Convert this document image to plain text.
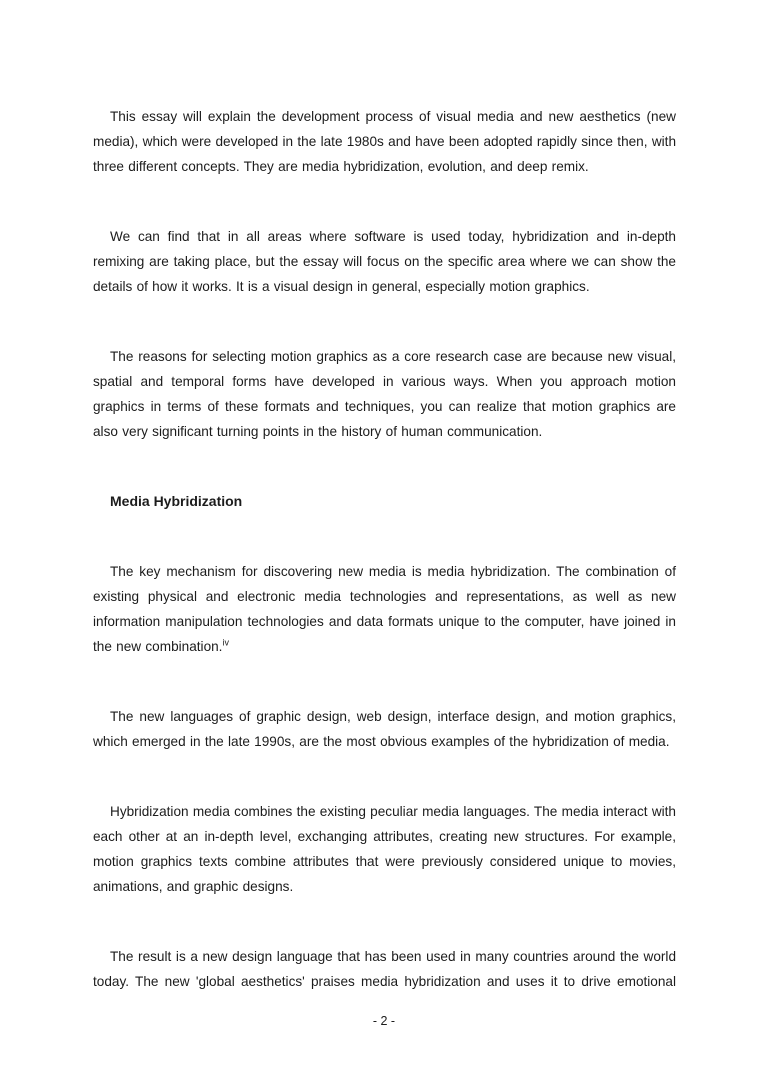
This essay will explain the development process of visual media and new aesthetics (new media), which were developed in the late 1980s and have been adopted rapidly since then, with three different concepts. They are media hybridization, evolution, and deep remix.

We can find that in all areas where software is used today, hybridization and in-depth remixing are taking place, but the essay will focus on the specific area where we can show the details of how it works. It is a visual design in general, especially motion graphics.

The reasons for selecting motion graphics as a core research case are because new visual, spatial and temporal forms have developed in various ways. When you approach motion graphics in terms of these formats and techniques, you can realize that motion graphics are also very significant turning points in the history of human communication.

Media Hybridization

The key mechanism for discovering new media is media hybridization. The combination of existing physical and electronic media technologies and representations, as well as new information manipulation technologies and data formats unique to the computer, have joined in the new combination.$^{iv}$

The new languages of graphic design, web design, interface design, and motion graphics, which emerged in the late 1990s, are the most obvious examples of the hybridization of media.

Hybridization media combines the existing peculiar media languages. The media interact with each other at an in-depth level, exchanging attributes, creating new structures. For example, motion graphics texts combine attributes that were previously considered unique to movies, animations, and graphic designs.

The result is a new design language that has been used in many countries around the world today. The new 'global aesthetics' praises media hybridization and uses it to drive emotional

- 2 -
